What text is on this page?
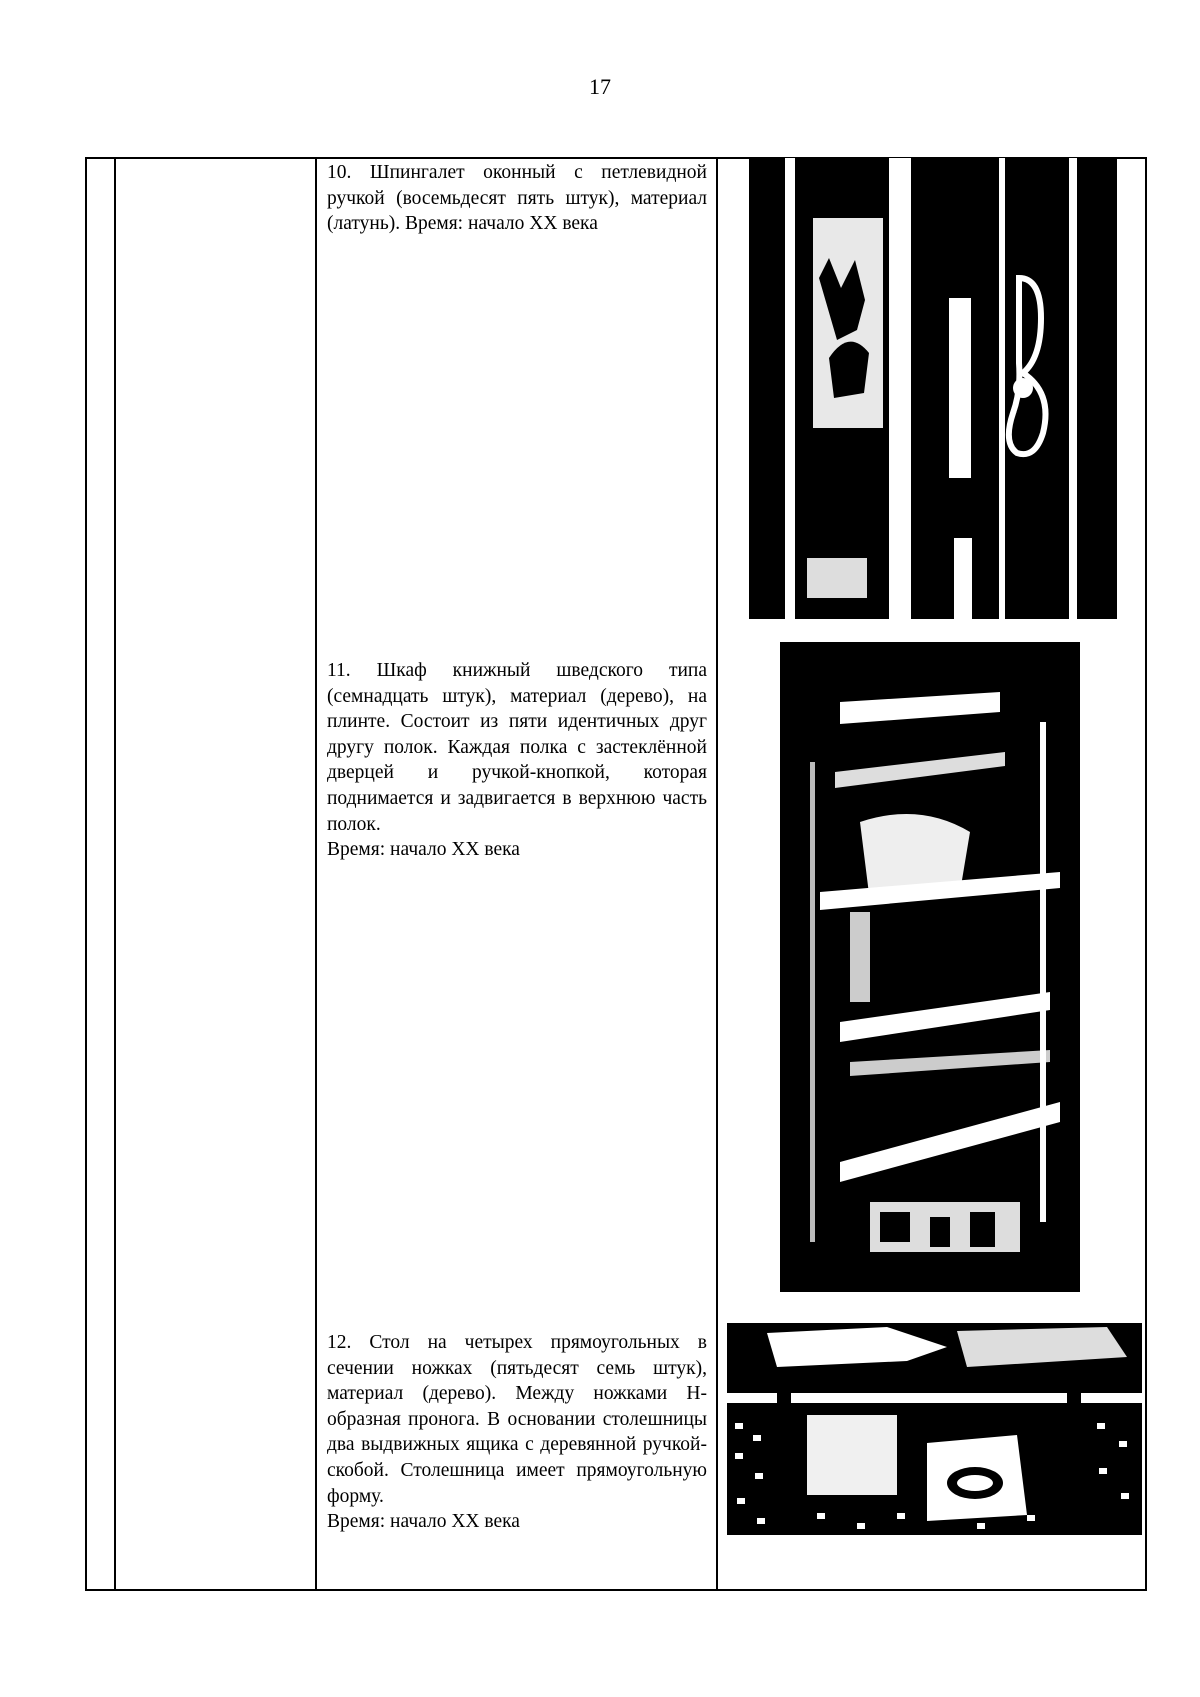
17

10. Шпингалет оконный с петлевидной ручкой (восемьдесят пять штук), материал (латунь). Время: начало XX века

11. Шкаф книжный шведского типа (семнадцать штук), материал (дерево), на плинте. Состоит из пяти идентичных друг другу полок. Каждая полка с застеклённой дверцей и ручкой-кнопкой, которая поднимается и задвигается в верхнюю часть полок.

Время: начало XX века

12. Стол на четырех прямоугольных в сечении ножках (пятьдесят семь штук), материал (дерево). Между ножками Н-образная пронога. В основании столешницы два выдвижных ящика с деревянной ручкой-скобой. Столешница имеет прямоугольную форму.

Время: начало XX века
